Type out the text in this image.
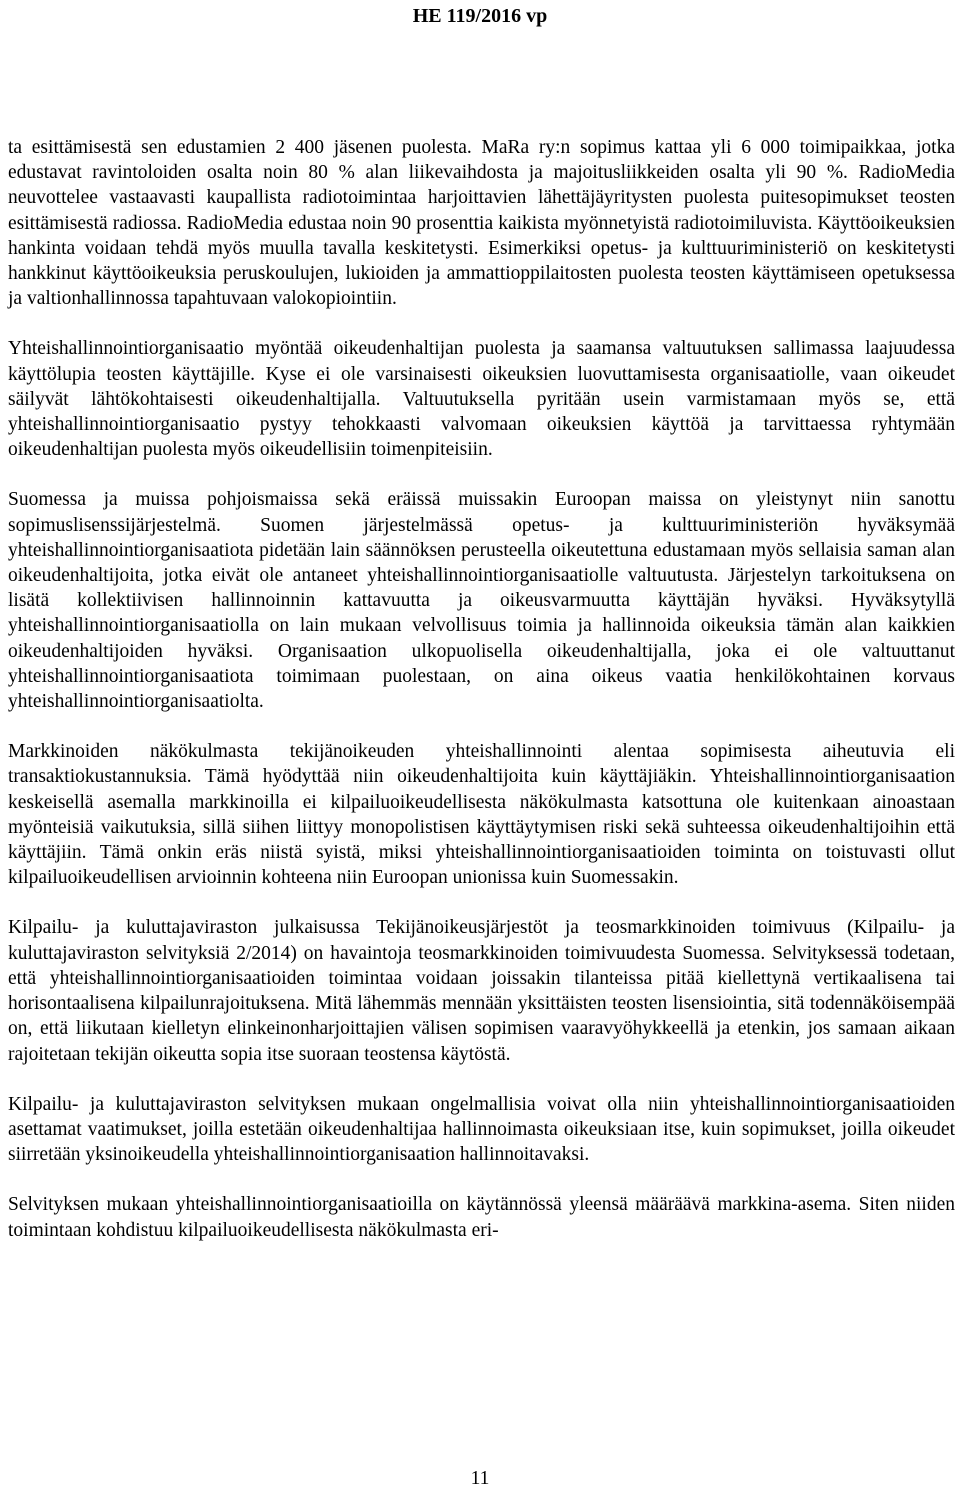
HE 119/2016 vp

ta esittämisestä sen edustamien 2 400 jäsenen puolesta. MaRa ry:n sopimus kattaa yli 6 000 toimipaikkaa, jotka edustavat ravintoloiden osalta noin 80 % alan liikevaihdosta ja majoitusliikkeiden osalta yli 90 %. RadioMedia neuvottelee vastaavasti kaupallista radiotoimintaa harjoittavien lähettäjäyritysten puolesta puitesopimukset teosten esittämisestä radiossa. RadioMedia edustaa noin 90 prosenttia kaikista myönnetyistä radiotoimiluvista. Käyttöoikeuksien hankinta voidaan tehdä myös muulla tavalla keskitetysti. Esimerkiksi opetus- ja kulttuuriministeriö on keskitetysti hankkinut käyttöoikeuksia peruskoulujen, lukioiden ja ammattioppilaitosten puolesta teosten käyttämiseen opetuksessa ja valtionhallinnossa tapahtuvaan valokopiointiin.

Yhteishallinnointiorganisaatio myöntää oikeudenhaltijan puolesta ja saamansa valtuutuksen sallimassa laajuudessa käyttölupia teosten käyttäjille. Kyse ei ole varsinaisesti oikeuksien luovuttamisesta organisaatiolle, vaan oikeudet säilyvät lähtökohtaisesti oikeudenhaltijalla. Valtuutuksella pyritään usein varmistamaan myös se, että yhteishallinnointiorganisaatio pystyy tehokkaasti valvomaan oikeuksien käyttöä ja tarvittaessa ryhtymään oikeudenhaltijan puolesta myös oikeudellisiin toimenpiteisiin.

Suomessa ja muissa pohjoismaissa sekä eräissä muissakin Euroopan maissa on yleistynyt niin sanottu sopimuslisenssijärjestelmä. Suomen järjestelmässä opetus- ja kulttuuriministeriön hyväksymää yhteishallinnointiorganisaatiota pidetään lain säännöksen perusteella oikeutettuna edustamaan myös sellaisia saman alan oikeudenhaltijoita, jotka eivät ole antaneet yhteishallinnointiorganisaatiolle valtuutusta. Järjestelyn tarkoituksena on lisätä kollektiivisen hallinnoinnin kattavuutta ja oikeusvarmuutta käyttäjän hyväksi. Hyväksytyllä yhteishallinnointiorganisaatiolla on lain mukaan velvollisuus toimia ja hallinnoida oikeuksia tämän alan kaikkien oikeudenhaltijoiden hyväksi. Organisaation ulkopuolisella oikeudenhaltijalla, joka ei ole valtuuttanut yhteishallinnointiorganisaatiota toimimaan puolestaan, on aina oikeus vaatia henkilökohtainen korvaus yhteishallinnointiorganisaatiolta.

Markkinoiden näkökulmasta tekijänoikeuden yhteishallinnointi alentaa sopimisesta aiheutuvia eli transaktiokustannuksia. Tämä hyödyttää niin oikeudenhaltijoita kuin käyttäjiäkin. Yhteishallinnointiorganisaation keskeisellä asemalla markkinoilla ei kilpailuoikeudellisesta näkökulmasta katsottuna ole kuitenkaan ainoastaan myönteisiä vaikutuksia, sillä siihen liittyy monopolistisen käyttäytymisen riski sekä suhteessa oikeudenhaltijoihin että käyttäjiin. Tämä onkin eräs niistä syistä, miksi yhteishallinnointiorganisaatioiden toiminta on toistuvasti ollut kilpailuoikeudellisen arvioinnin kohteena niin Euroopan unionissa kuin Suomessakin.

Kilpailu- ja kuluttajaviraston julkaisussa Tekijänoikeusjärjestöt ja teosmarkkinoiden toimivuus (Kilpailu- ja kuluttajaviraston selvityksiä 2/2014) on havaintoja teosmarkkinoiden toimivuudesta Suomessa. Selvityksessä todetaan, että yhteishallinnointiorganisaatioiden toimintaa voidaan joissakin tilanteissa pitää kiellettynä vertikaalisena tai horisontaalisena kilpailunrajoituksena. Mitä lähemmäs mennään yksittäisten teosten lisensiointia, sitä todennäköisempää on, että liikutaan kielletyn elinkeinonharjoittajien välisen sopimisen vaaravyöhykkeellä ja etenkin, jos samaan aikaan rajoitetaan tekijän oikeutta sopia itse suoraan teostensa käytöstä.

Kilpailu- ja kuluttajaviraston selvityksen mukaan ongelmallisia voivat olla niin yhteishallinnointiorganisaatioiden asettamat vaatimukset, joilla estetään oikeudenhaltijaa hallinnoimasta oikeuksiaan itse, kuin sopimukset, joilla oikeudet siirretään yksinoikeudella yhteishallinnointiorganisaation hallinnoitavaksi.

Selvityksen mukaan yhteishallinnointiorganisaatioilla on käytännössä yleensä määräävä markkina-asema. Siten niiden toimintaan kohdistuu kilpailuoikeudellisesta näkökulmasta eri-

11
